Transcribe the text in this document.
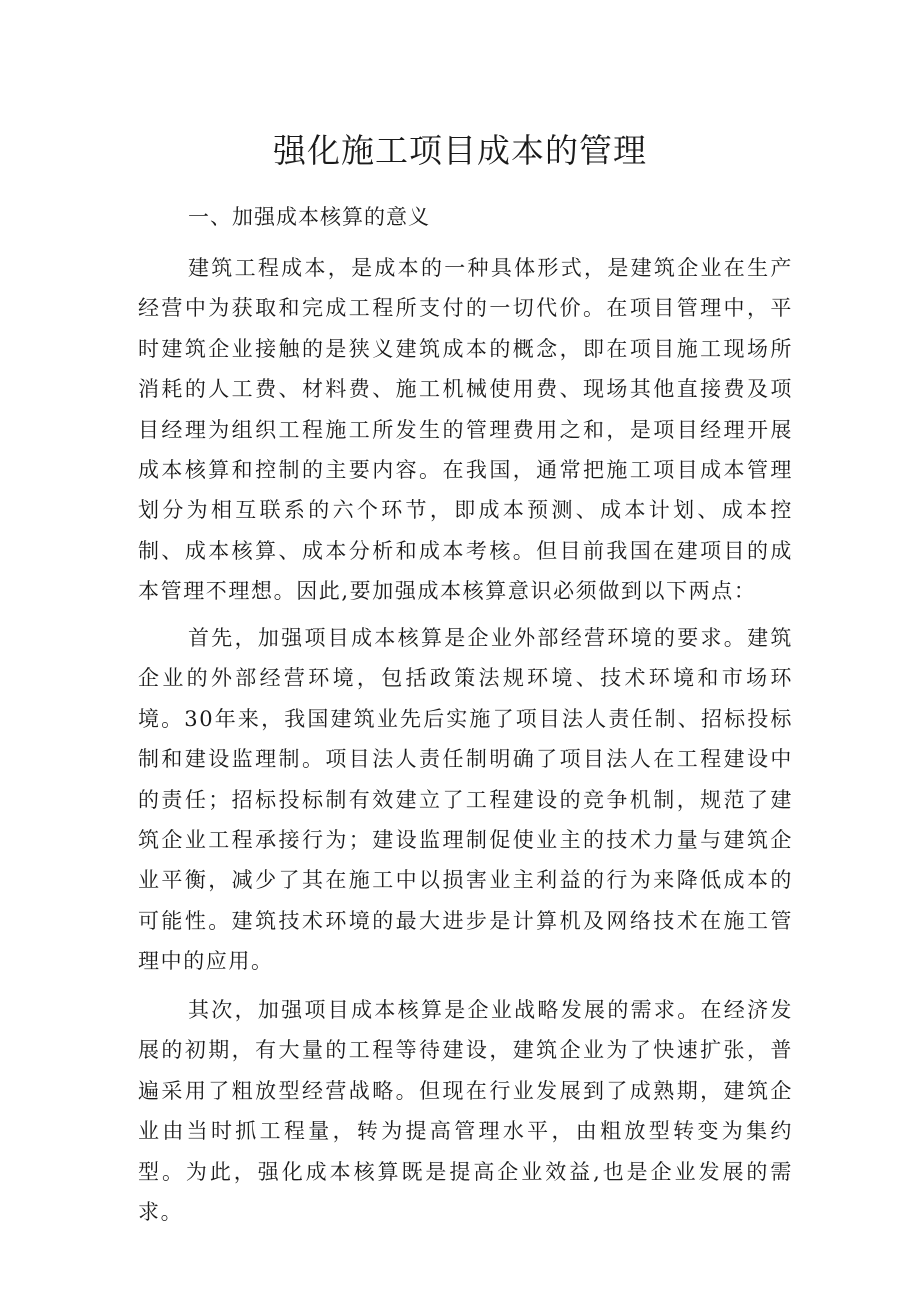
强化施工项目成本的管理
一、加强成本核算的意义

建筑工程成本，是成本的一种具体形式，是建筑企业在生产经营中为获取和完成工程所支付的一切代价。在项目管理中，平时建筑企业接触的是狭义建筑成本的概念，即在项目施工现场所消耗的人工费、材料费、施工机械使用费、现场其他直接费及项目经理为组织工程施工所发生的管理费用之和，是项目经理开展成本核算和控制的主要内容。在我国，通常把施工项目成本管理划分为相互联系的六个环节，即成本预测、成本计划、成本控制、成本核算、成本分析和成本考核。但目前我国在建项目的成本管理不理想。因此,要加强成本核算意识必须做到以下两点：

首先，加强项目成本核算是企业外部经营环境的要求。建筑企业的外部经营环境，包括政策法规环境、技术环境和市场环境。30年来，我国建筑业先后实施了项目法人责任制、招标投标制和建设监理制。项目法人责任制明确了项目法人在工程建设中的责任；招标投标制有效建立了工程建设的竞争机制，规范了建筑企业工程承接行为；建设监理制促使业主的技术力量与建筑企业平衡，减少了其在施工中以损害业主利益的行为来降低成本的可能性。建筑技术环境的最大进步是计算机及网络技术在施工管理中的应用。

其次，加强项目成本核算是企业战略发展的需求。在经济发展的初期，有大量的工程等待建设，建筑企业为了快速扩张，普遍采用了粗放型经营战略。但现在行业发展到了成熟期，建筑企业由当时抓工程量，转为提高管理水平，由粗放型转变为集约型。为此，强化成本核算既是提高企业效益,也是企业发展的需求。
